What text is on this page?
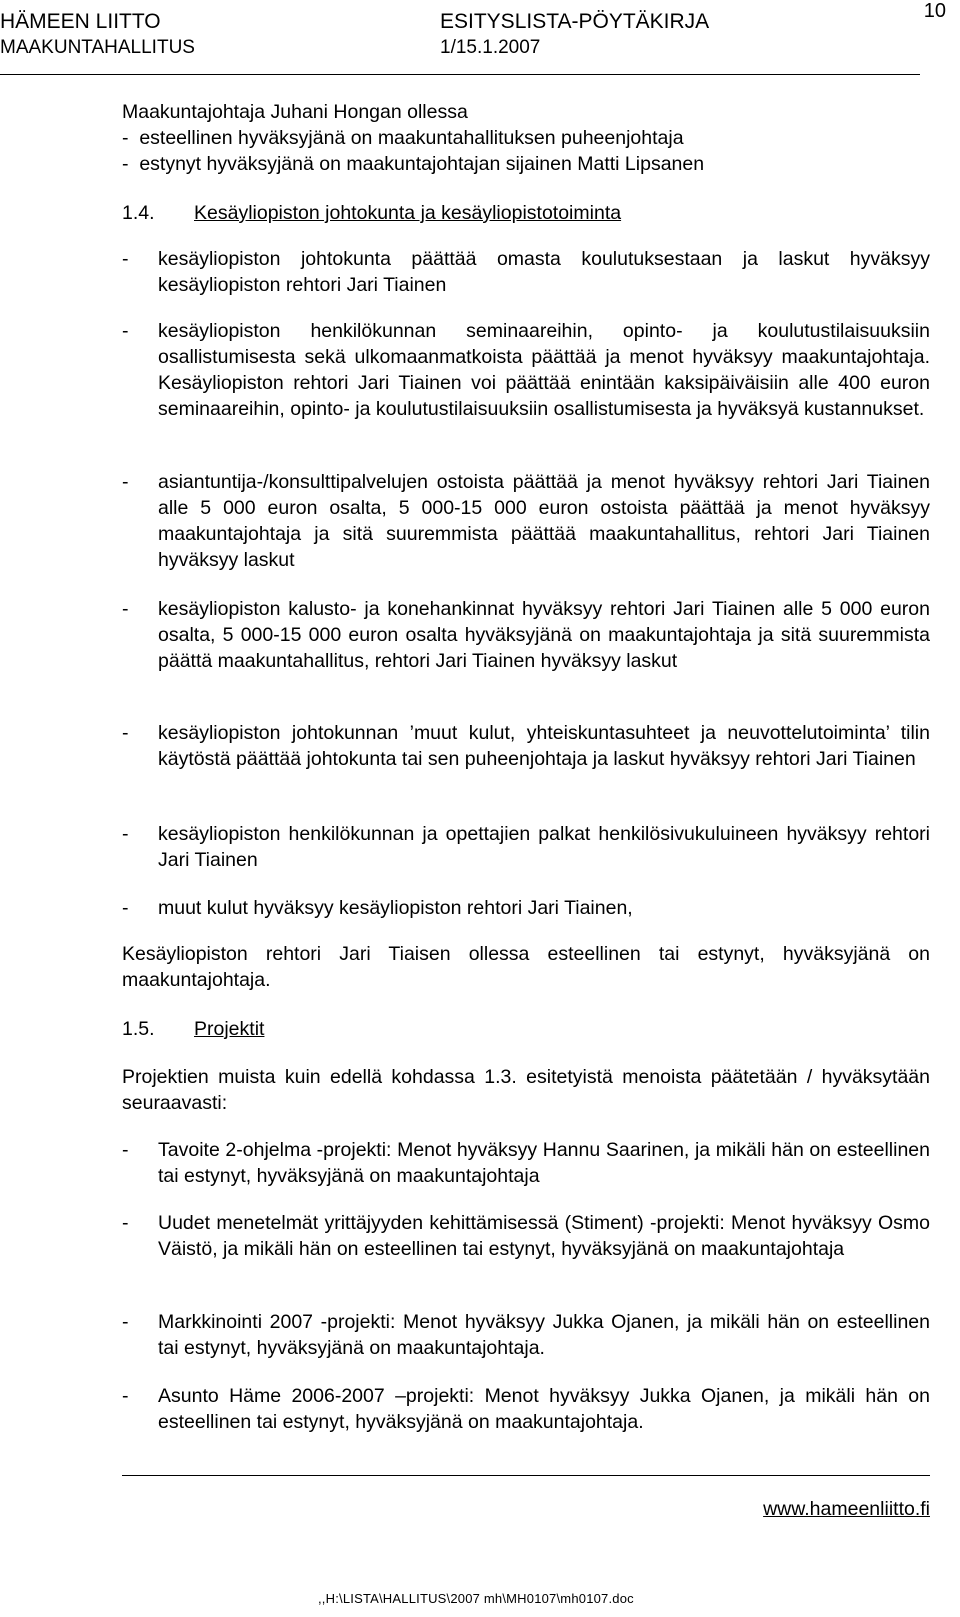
HÄMEEN LIITTO
MAAKUNTAHALLITUS
ESITYSLISTA-PÖYTÄKIRJA
1/15.1.2007
10
Maakuntajohtaja Juhani Hongan ollessa
-  esteellinen hyväksyjänä on maakuntahallituksen puheenjohtaja
-  estynyt hyväksyjänä on maakuntajohtajan sijainen Matti Lipsanen
1.4. Kesäyliopiston johtokunta ja kesäyliopistotoiminta
- kesäyliopiston johtokunta päättää omasta koulutuksestaan ja laskut hyväksyy kesäyliopiston rehtori Jari Tiainen
- kesäyliopiston henkilökunnan seminaareihin, opinto- ja koulutustilaisuuksiin osallistumisesta sekä ulkomaanmatkoista päättää ja menot hyväksyy maakuntajohtaja. Kesäyliopiston rehtori Jari Tiainen voi päättää enintään kaksipäiväisiin alle 400 euron seminaareihin, opinto- ja koulutustilaisuuksiin osallistumisesta ja hyväksyä kustannukset.
- asiantuntija-/konsulttipalvelujen ostoista päättää ja menot hyväksyy rehtori Jari Tiainen alle 5 000 euron osalta, 5 000-15 000 euron ostoista päättää ja menot hyväksyy maakuntajohtaja ja sitä suuremmista päättää maakuntahallitus, rehtori Jari Tiainen hyväksyy laskut
- kesäyliopiston kalusto- ja konehankinnat hyväksyy rehtori Jari Tiainen alle 5 000 euron osalta, 5 000-15 000 euron osalta hyväksyjänä on maakuntajohtaja ja sitä suuremmista päättä maakuntahallitus, rehtori Jari Tiainen hyväksyy laskut
- kesäyliopiston johtokunnan ’muut kulut, yhteiskuntasuhteet ja neuvottelutoiminta’ tilin käytöstä päättää johtokunta tai sen puheenjohtaja ja laskut hyväksyy rehtori Jari Tiainen
- kesäyliopiston henkilökunnan ja opettajien palkat henkilösivukuluineen hyväksyy rehtori Jari Tiainen
- muut kulut hyväksyy kesäyliopiston rehtori Jari Tiainen,
Kesäyliopiston rehtori Jari Tiaisen ollessa esteellinen tai estynyt, hyväksyjänä on maakuntajohtaja.
1.5. Projektit
Projektien muista kuin edellä kohdassa 1.3. esitetyistä menoista päätetään / hyväksytään seuraavasti:
- Tavoite 2-ohjelma -projekti: Menot hyväksyy Hannu Saarinen, ja mikäli hän on esteellinen tai estynyt, hyväksyjänä on maakuntajohtaja
- Uudet menetelmät yrittäjyyden kehittämisessä (Stiment) -projekti: Menot hyväksyy Osmo Väistö, ja mikäli hän on esteellinen tai estynyt, hyväksyjänä on maakuntajohtaja
- Markkinointi 2007 -projekti: Menot hyväksyy Jukka Ojanen, ja mikäli hän on esteellinen tai estynyt, hyväksyjänä on maakuntajohtaja.
- Asunto Häme 2006-2007 –projekti: Menot hyväksyy Jukka Ojanen, ja mikäli hän on esteellinen tai estynyt, hyväksyjänä on maakuntajohtaja.
www.hameenliitto.fi
,,H:\LISTA\HALLITUS\2007 mh\MH0107\mh0107.doc
